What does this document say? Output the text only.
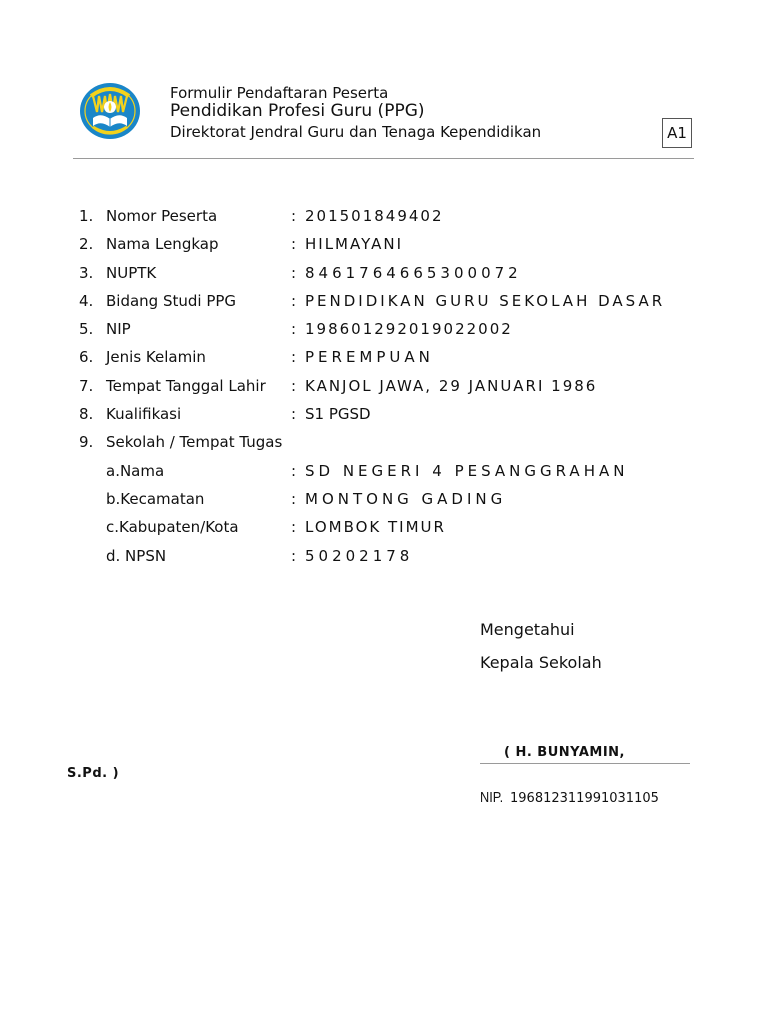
Formulir Pendaftaran Peserta
Pendidikan Profesi Guru (PPG)
Direktorat Jendral Guru dan Tenaga Kependidikan	A1
1. Nomor Peserta	: 201501849402
2. Nama Lengkap	: HILMAYANI
3. NUPTK	: 8461764665300072
4. Bidang Studi PPG	: PENDIDIKAN GURU SEKOLAH DASAR
5. NIP	: 198601292019022002
6. Jenis Kelamin	: PEREMPUAN
7. Tempat Tanggal Lahir : KANJOL JAWA, 29 JANUARI 1986
8. Kualifikasi	: S1 PGSD
9. Sekolah / Tempat Tugas
a.Nama	: SD NEGERI 4 PESANGGRAHAN
b.Kecamatan	: MONTONG GADING
c.Kabupaten/Kota	: LOMBOK TIMUR
d. NPSN	: 50202178
Mengetahui
Kepala Sekolah
( H. BUNYAMIN,
S.Pd. )
NIP. 196812311991031105
